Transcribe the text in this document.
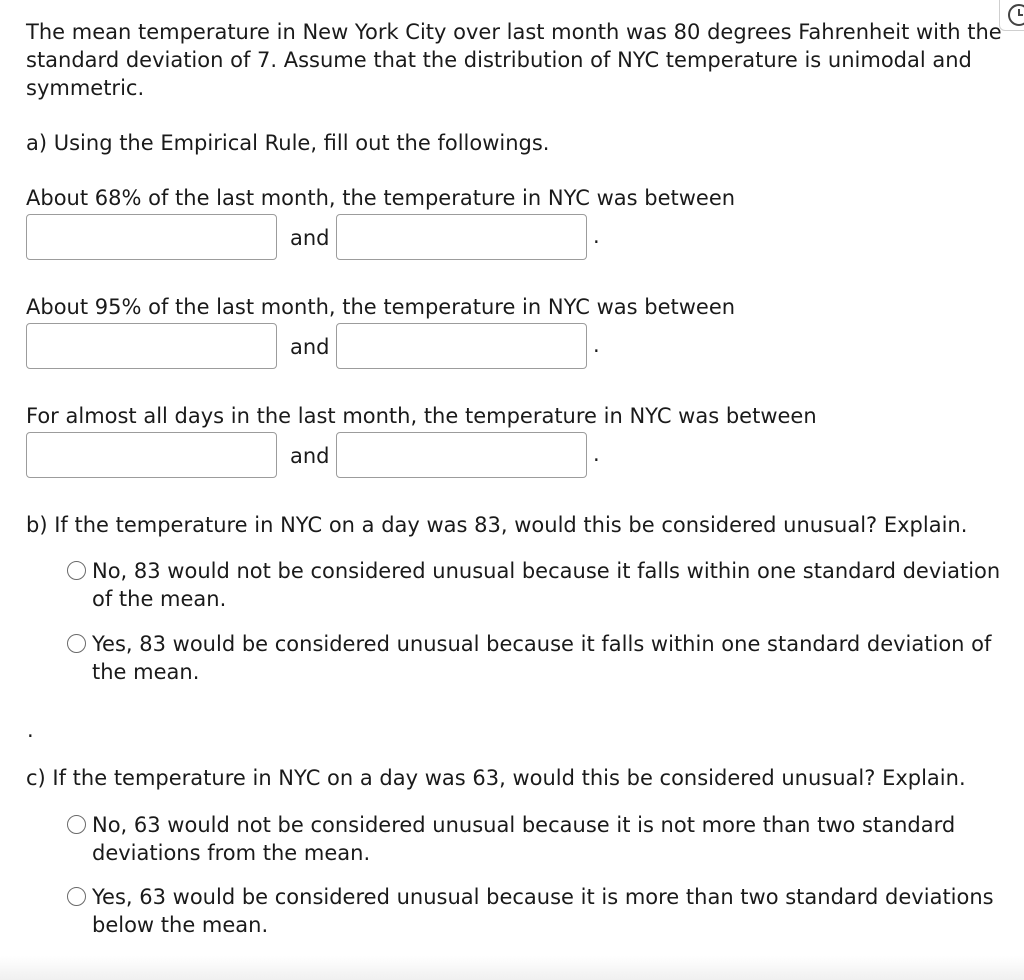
The mean temperature in New York City over last month was 80 degrees Fahrenheit with the standard deviation of 7. Assume that the distribution of NYC temperature is unimodal and symmetric.

a) Using the Empirical Rule, fill out the followings.

About 68% of the last month, the temperature in NYC was between

and	.

About 95% of the last month, the temperature in NYC was between

and	.

For almost all days in the last month, the temperature in NYC was between

and	.

b) If the temperature in NYC on a day was 83, would this be considered unusual? Explain.

No, 83 would not be considered unusual because it falls within one standard deviation of the mean.
Yes, 83 would be considered unusual because it falls within one standard deviation of the mean.
.

c) If the temperature in NYC on a day was 63, would this be considered unusual? Explain.

No, 63 would not be considered unusual because it is not more than two standard deviations from the mean.
Yes, 63 would be considered unusual because it is more than two standard deviations below the mean.
